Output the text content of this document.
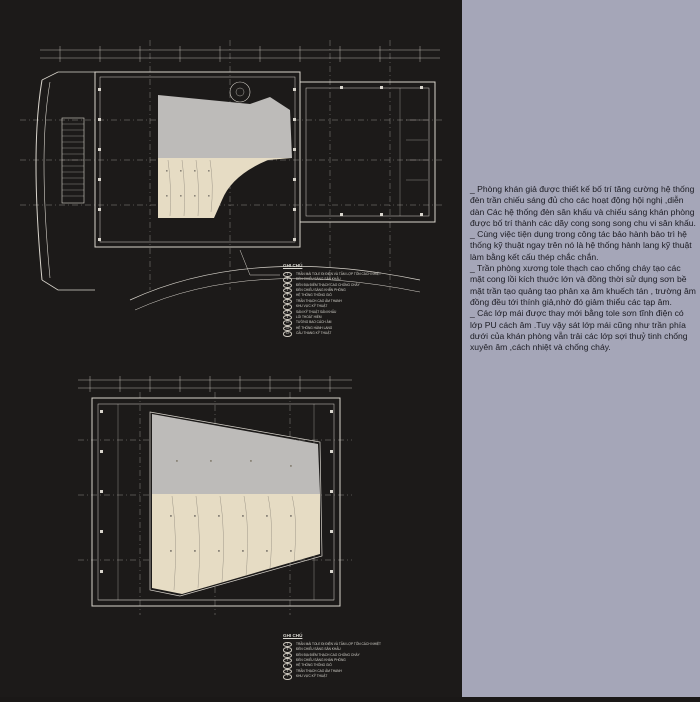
GHI CHÚ
1	TRẦN MÁI TOLE ĐỊ ĐIỆN VÀ TẤM LỢP TÔN CÁCH NHIỆT
2	ĐÈN CHIẾU SÁNG SÂN KHẤU
3	ĐÈN ĐỊA ĐIỂM THẠCH CAO CHỐNG CHÁY
4	ĐÈN CHIẾU SÁNG KHÁN PHÒNG
5	HỆ THỐNG THÔNG GIÓ
6	TRẦN THẠCH CAO ÂM THANH
7	KHU VỰC KỸ THUẬT
8	SÀN KỸ THUẬT SÂN KHẤU
9	LỐI THOÁT HIỂM
10	TƯỜNG BAO CÁCH ÂM
11	HỆ THỐNG HÀNH LANG
12	CẦU THANG KỸ THUẬT
GHI CHÚ
1	TRẦN MÁI TOLE ĐỊ ĐIỆN VÀ TẤM LỢP TÔN CÁCH NHIỆT
2	ĐÈN CHIẾU SÁNG SÂN KHẤU
3	ĐÈN ĐỊA ĐIỂM THẠCH CAO CHỐNG CHÁY
4	ĐÈN CHIẾU SÁNG KHÁN PHÒNG
5	HỆ THỐNG THÔNG GIÓ
6	TRẦN THẠCH CAO ÂM THANH
7	KHU VỰC KỸ THUẬT

_ Phòng khán giả được thiết kế bố trí tăng cường hệ thống đèn trần chiếu sáng đủ cho các hoạt động hội nghị ,diễn dàn Các hệ thống đèn sân khấu và chiếu sáng khán phòng được bố trí thành các dãy cong song song chu vi sân khấu.

_ Cùng việc tiện dụng trong công tác bảo hành bảo trì hệ thống kỹ thuật ngay trên nó là hệ thống hành lang kỹ thuật làm bằng kết cấu thép chắc chắn.

_ Trần phòng xương tole thạch cao chống cháy tạo các mặt cong lồi kích thuớc lớn và đồng thời sử dụng sơn bề mặt trần tạo quảng tạo phản xạ âm khuếch tán , trường âm đồng đều tới thính giả,nhờ đó giảm thiểu các tạp âm.

_ Các lớp mái được thay mới bằng tole sơn tĩnh điện có lớp PU cách âm .Tuy vậy sát lớp mái cũng như trần phía dưới của khán phòng vẫn trải các lớp sợi thuỷ tinh chống xuyên âm ,cách nhiệt và chống cháy.
